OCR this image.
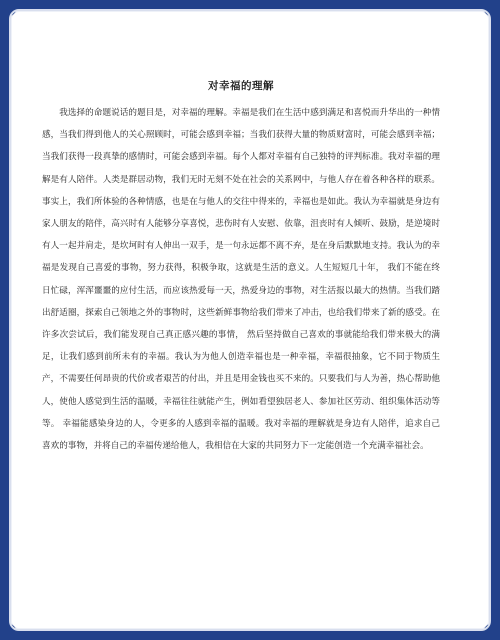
对幸福的理解

我选择的命题说话的题目是，对幸福的理解。幸福是我们在生活中感到满足和喜悦而升华出的一种情感，当我们得到他人的关心照顾时，可能会感到幸福；当我们获得大量的物质财富时，可能会感到幸福；当我们获得一段真挚的感情时，可能会感到幸福。每个人都对幸福有自己独特的评判标准。我对幸福的理解是有人陪伴。人类是群居动物，我们无时无刻不处在社会的关系网中，与他人存在着各种各样的联系。事实上，我们所体验的各种情感，也是在与他人的交往中得来的，幸福也是如此。我认为幸福就是身边有家人朋友的陪伴，高兴时有人能够分享喜悦，悲伤时有人安慰、依靠，沮丧时有人倾听、鼓励，是逆境时有人一起并肩走，是坎坷时有人伸出一双手，是一句永远都不离不弃，是在身后默默地支持。我认为的幸福是发现自己喜爱的事物，努力获得，积极争取，这就是生活的意义。人生短短几十年， 我们不能在终日忙碌，浑浑噩噩的应付生活，而应该热爱每一天，热爱身边的事物，对生活报以最大的热情。当我们踏出舒适圈，探索自己领地之外的事物时，这些新鲜事物给我们带来了冲击，也给我们带来了新的感受。在许多次尝试后，我们能发现自己真正感兴趣的事情， 然后坚持做自己喜欢的事就能给我们带来极大的满足，让我们感到前所未有的幸福。我认为为他人创造幸福也是一种幸福，幸福很抽象，它不同于物质生产，不需要任何昂贵的代价或者艰苦的付出，并且是用金钱也买不来的。只要我们与人为善，热心帮助他人，使他人感觉到生活的温暖，幸福往往就能产生，例如看望独居老人、参加社区劳动、组织集体活动等等。 幸福能感染身边的人，令更多的人感到幸福的温暖。我对幸福的理解就是身边有人陪伴，追求自己喜欢的事物，并将自己的幸福传递给他人，我相信在大家的共同努力下一定能创造一个充满幸福社会。
